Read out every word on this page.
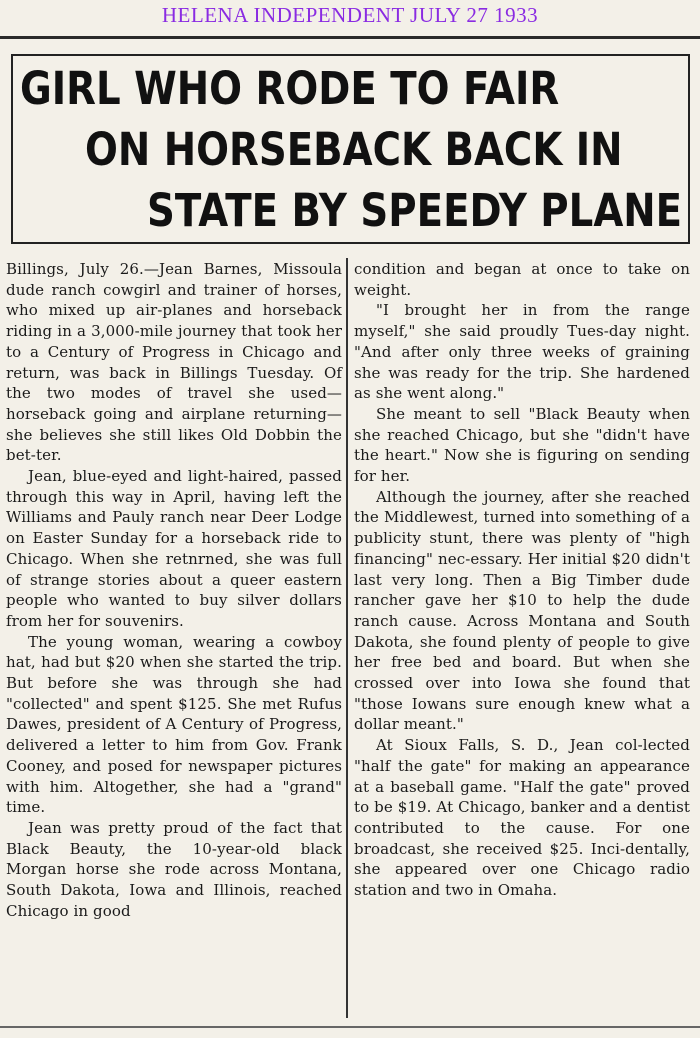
HELENA INDEPENDENT JULY 27 1933
GIRL WHO RODE TO FAIR
ON HORSEBACK BACK IN
STATE BY SPEEDY PLANE

Billings, July 26.—Jean Barnes, Missoula dude ranch cowgirl and trainer of horses, who mixed up air-planes and horseback riding in a 3,000-mile journey that took her to a Century of Progress in Chicago and return, was back in Billings Tuesday. Of the two modes of travel she used—horseback going and airplane returning—she believes she still likes Old Dobbin the bet-ter.

Jean, blue-eyed and light-haired, passed through this way in April, having left the Williams and Pauly ranch near Deer Lodge on Easter Sunday for a horseback ride to Chicago. When she retnrned, she was full of strange stories about a queer eastern people who wanted to buy silver dollars from her for souvenirs.

The young woman, wearing a cowboy hat, had but $20 when she started the trip. But before she was through she had "collected" and spent $125. She met Rufus Dawes, president of A Century of Progress, delivered a letter to him from Gov. Frank Cooney, and posed for newspaper pictures with him. Altogether, she had a "grand" time.

Jean was pretty proud of the fact that Black Beauty, the 10-year-old black Morgan horse she rode across Montana, South Dakota, Iowa and Illinois, reached Chicago in good

condition and began at once to take on weight.

"I brought her in from the range myself," she said proudly Tues-day night. "And after only three weeks of graining she was ready for the trip. She hardened as she went along."

She meant to sell "Black Beauty when she reached Chicago, but she "didn't have the heart." Now she is figuring on sending for her.

Although the journey, after she reached the Middlewest, turned into something of a publicity stunt, there was plenty of "high financing" nec-essary. Her initial $20 didn't last very long. Then a Big Timber dude rancher gave her $10 to help the dude ranch cause. Across Montana and South Dakota, she found plenty of people to give her free bed and board. But when she crossed over into Iowa she found that "those Iowans sure enough knew what a dollar meant."

At Sioux Falls, S. D., Jean col-lected "half the gate" for making an appearance at a baseball game. "Half the gate" proved to be $19. At Chicago, banker and a dentist contributed to the cause. For one broadcast, she received $25. Inci-dentally, she appeared over one Chicago radio station and two in Omaha.
